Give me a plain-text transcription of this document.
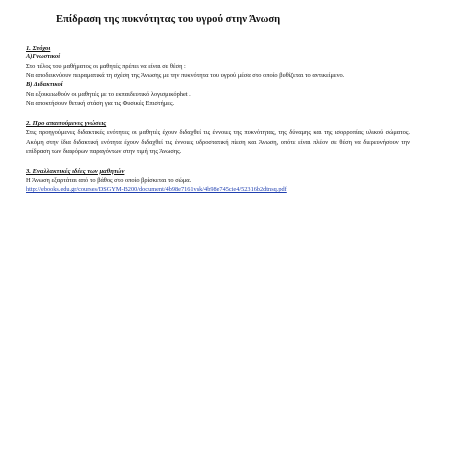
Επίδραση της πυκνότητας του υγρού στην Άνωση
1. Στόχοι
Α)Γνωστικοί

Στο τέλος του μαθήματος οι μαθητές πρέπει να είναι σε θέση :

Να αποδεικνύουν πειραματικά τη σχέση της Άνωσης με την πυκνότητα του υγρού μέσα στο οποίο βυθίζεται το αντικείμενο.

Β) Διδακτικοί

Να εξοικειωθούν οι μαθητές με το εκπαιδευτικό λογισμικόphet .

Να αποκτήσουν θετική στάση για τις Φυσικές Επιστήμες.

2. Προ απαιτούμενες γνώσεις

Στις προηγούμενες διδακτικές ενότητες οι μαθητές έχουν διδαχθεί τις έννοιες της πυκνότητας, της δύναμης και της ισορροπίας υλικού σώματος. Ακόμη στην ίδια διδακτική ενότητα έχουν διδαχθεί τις έννοιες υδροστατική πίεση και Άνωση, οπότε είναι πλέον σε θέση να διερευνήσουν την επίδραση των διαφόρων παραγόντων στην τιμή της Άνωσης.

3. Εναλλακτικές ιδέες των μαθητών

Η Άνωση εξαρτάται από το βάθος στο οποίο βρίσκεται το σώμα.

http://ebooks.edu.gr/courses/DSGYM-B200/document/4b98e7161vsk/4b98e745cie4/52316b2dtnsq.pdf
